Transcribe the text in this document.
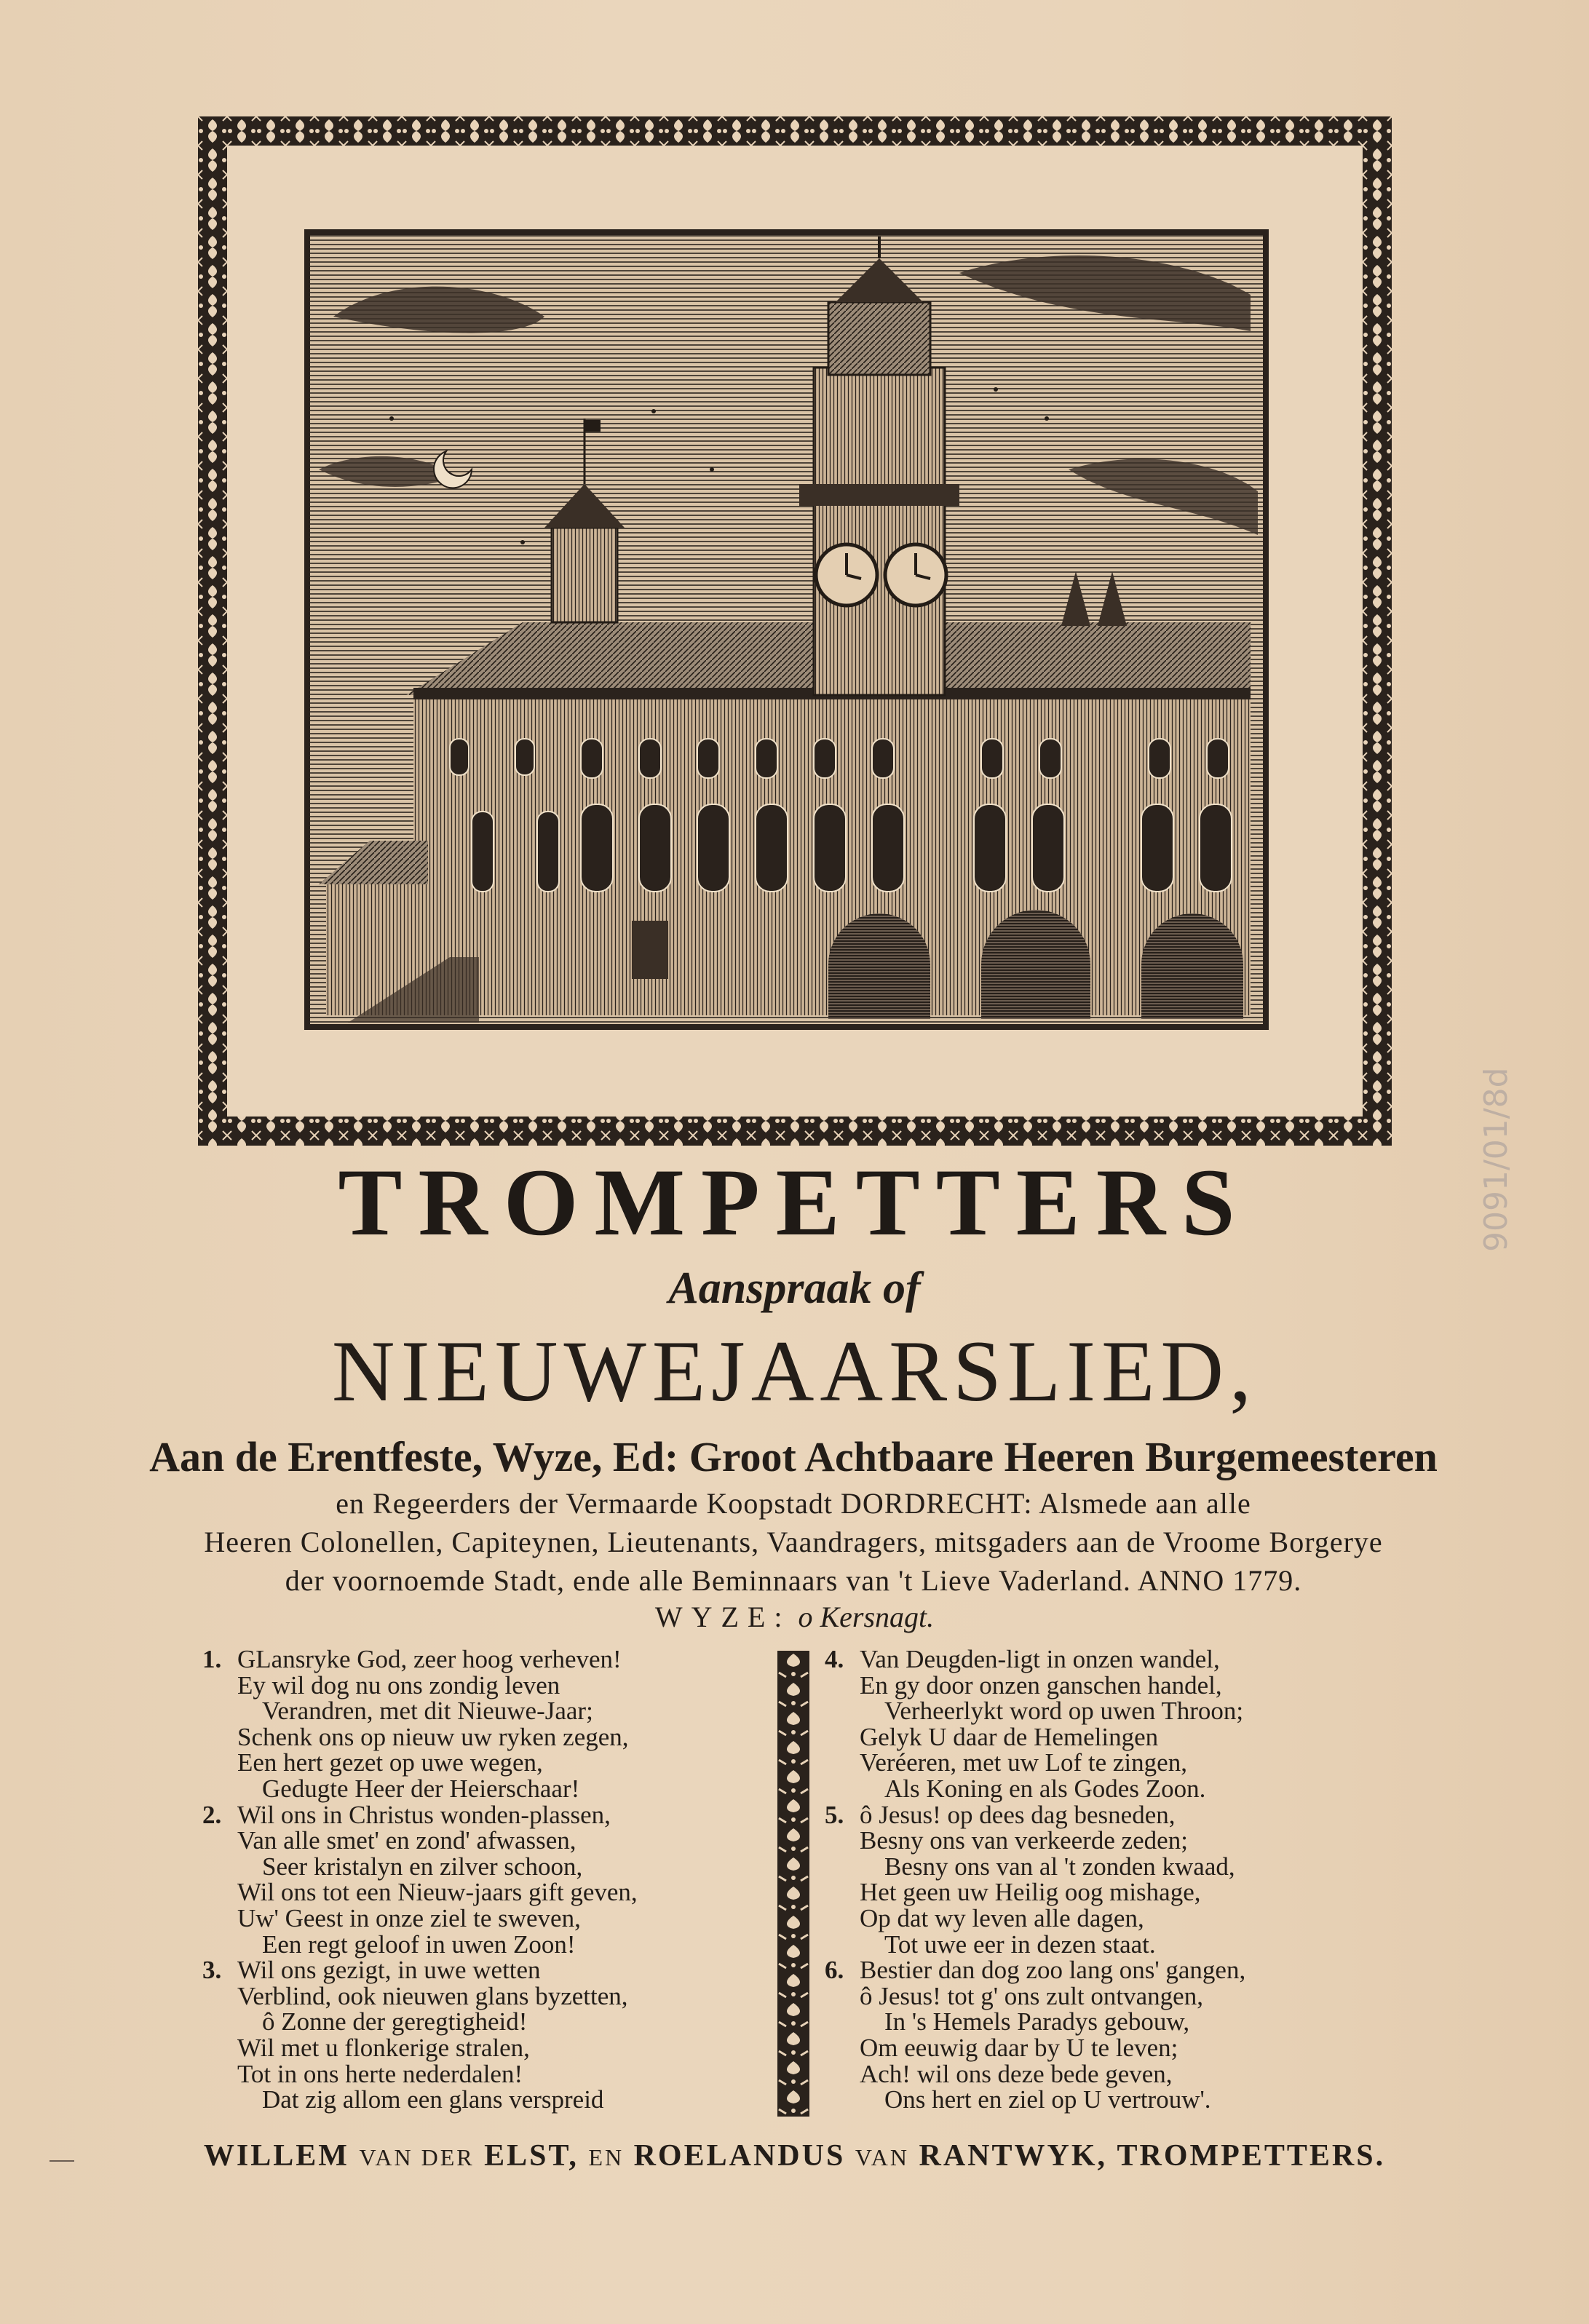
9091/01/8d
TROMPETTERS
Aanspraak of
NIEUWEJAARSLIED,
Aan de Erentfeste, Wyze, Ed: Groot Achtbaare Heeren Burgemeesteren
en Regeerders der Vermaarde Koopstadt DORDRECHT: Alsmede aan alle
Heeren Colonellen, Capiteynen, Lieutenants, Vaandragers, mitsgaders aan de Vroome Borgerye
der voornoemde Stadt, ende alle Beminnaars van 't Lieve Vaderland. ANNO 1779.
WYZE: o Kersnagt.
1. GLansryke God, zeer hoog verheven!
Ey wil dog nu ons zondig leven
Verandren, met dit Nieuwe-Jaar;
Schenk ons op nieuw uw ryken zegen,
Een hert gezet op uwe wegen,
Gedugte Heer der Heierschaar!
2. Wil ons in Christus wonden-plassen,
Van alle smet' en zond' afwassen,
Seer kristalyn en zilver schoon,
Wil ons tot een Nieuw-jaars gift geven,
Uw' Geest in onze ziel te sweven,
Een regt geloof in uwen Zoon!
3. Wil ons gezigt, in uwe wetten
Verblind, ook nieuwen glans byzetten,
ô Zonne der geregtigheid!
Wil met u flonkerige stralen,
Tot in ons herte nederdalen!
Dat zig allom een glans verspreid
4. Van Deugden-ligt in onzen wandel,
En gy door onzen ganschen handel,
Verheerlykt word op uwen Throon;
Gelyk U daar de Hemelingen
Veréeren, met uw Lof te zingen,
Als Koning en als Godes Zoon.
5. ô Jesus! op dees dag besneden,
Besny ons van verkeerde zeden;
Besny ons van al 't zonden kwaad,
Het geen uw Heilig oog mishage,
Op dat wy leven alle dagen,
Tot uwe eer in dezen staat.
6. Bestier dan dog zoo lang ons' gangen,
ô Jesus! tot g' ons zult ontvangen,
In 's Hemels Paradys gebouw,
Om eeuwig daar by U te leven;
Ach! wil ons deze bede geven,
Ons hert en ziel op U vertrouw'.
WILLEM VAN DER ELST, EN ROELANDUS VAN RANTWYK, TROMPETTERS.
